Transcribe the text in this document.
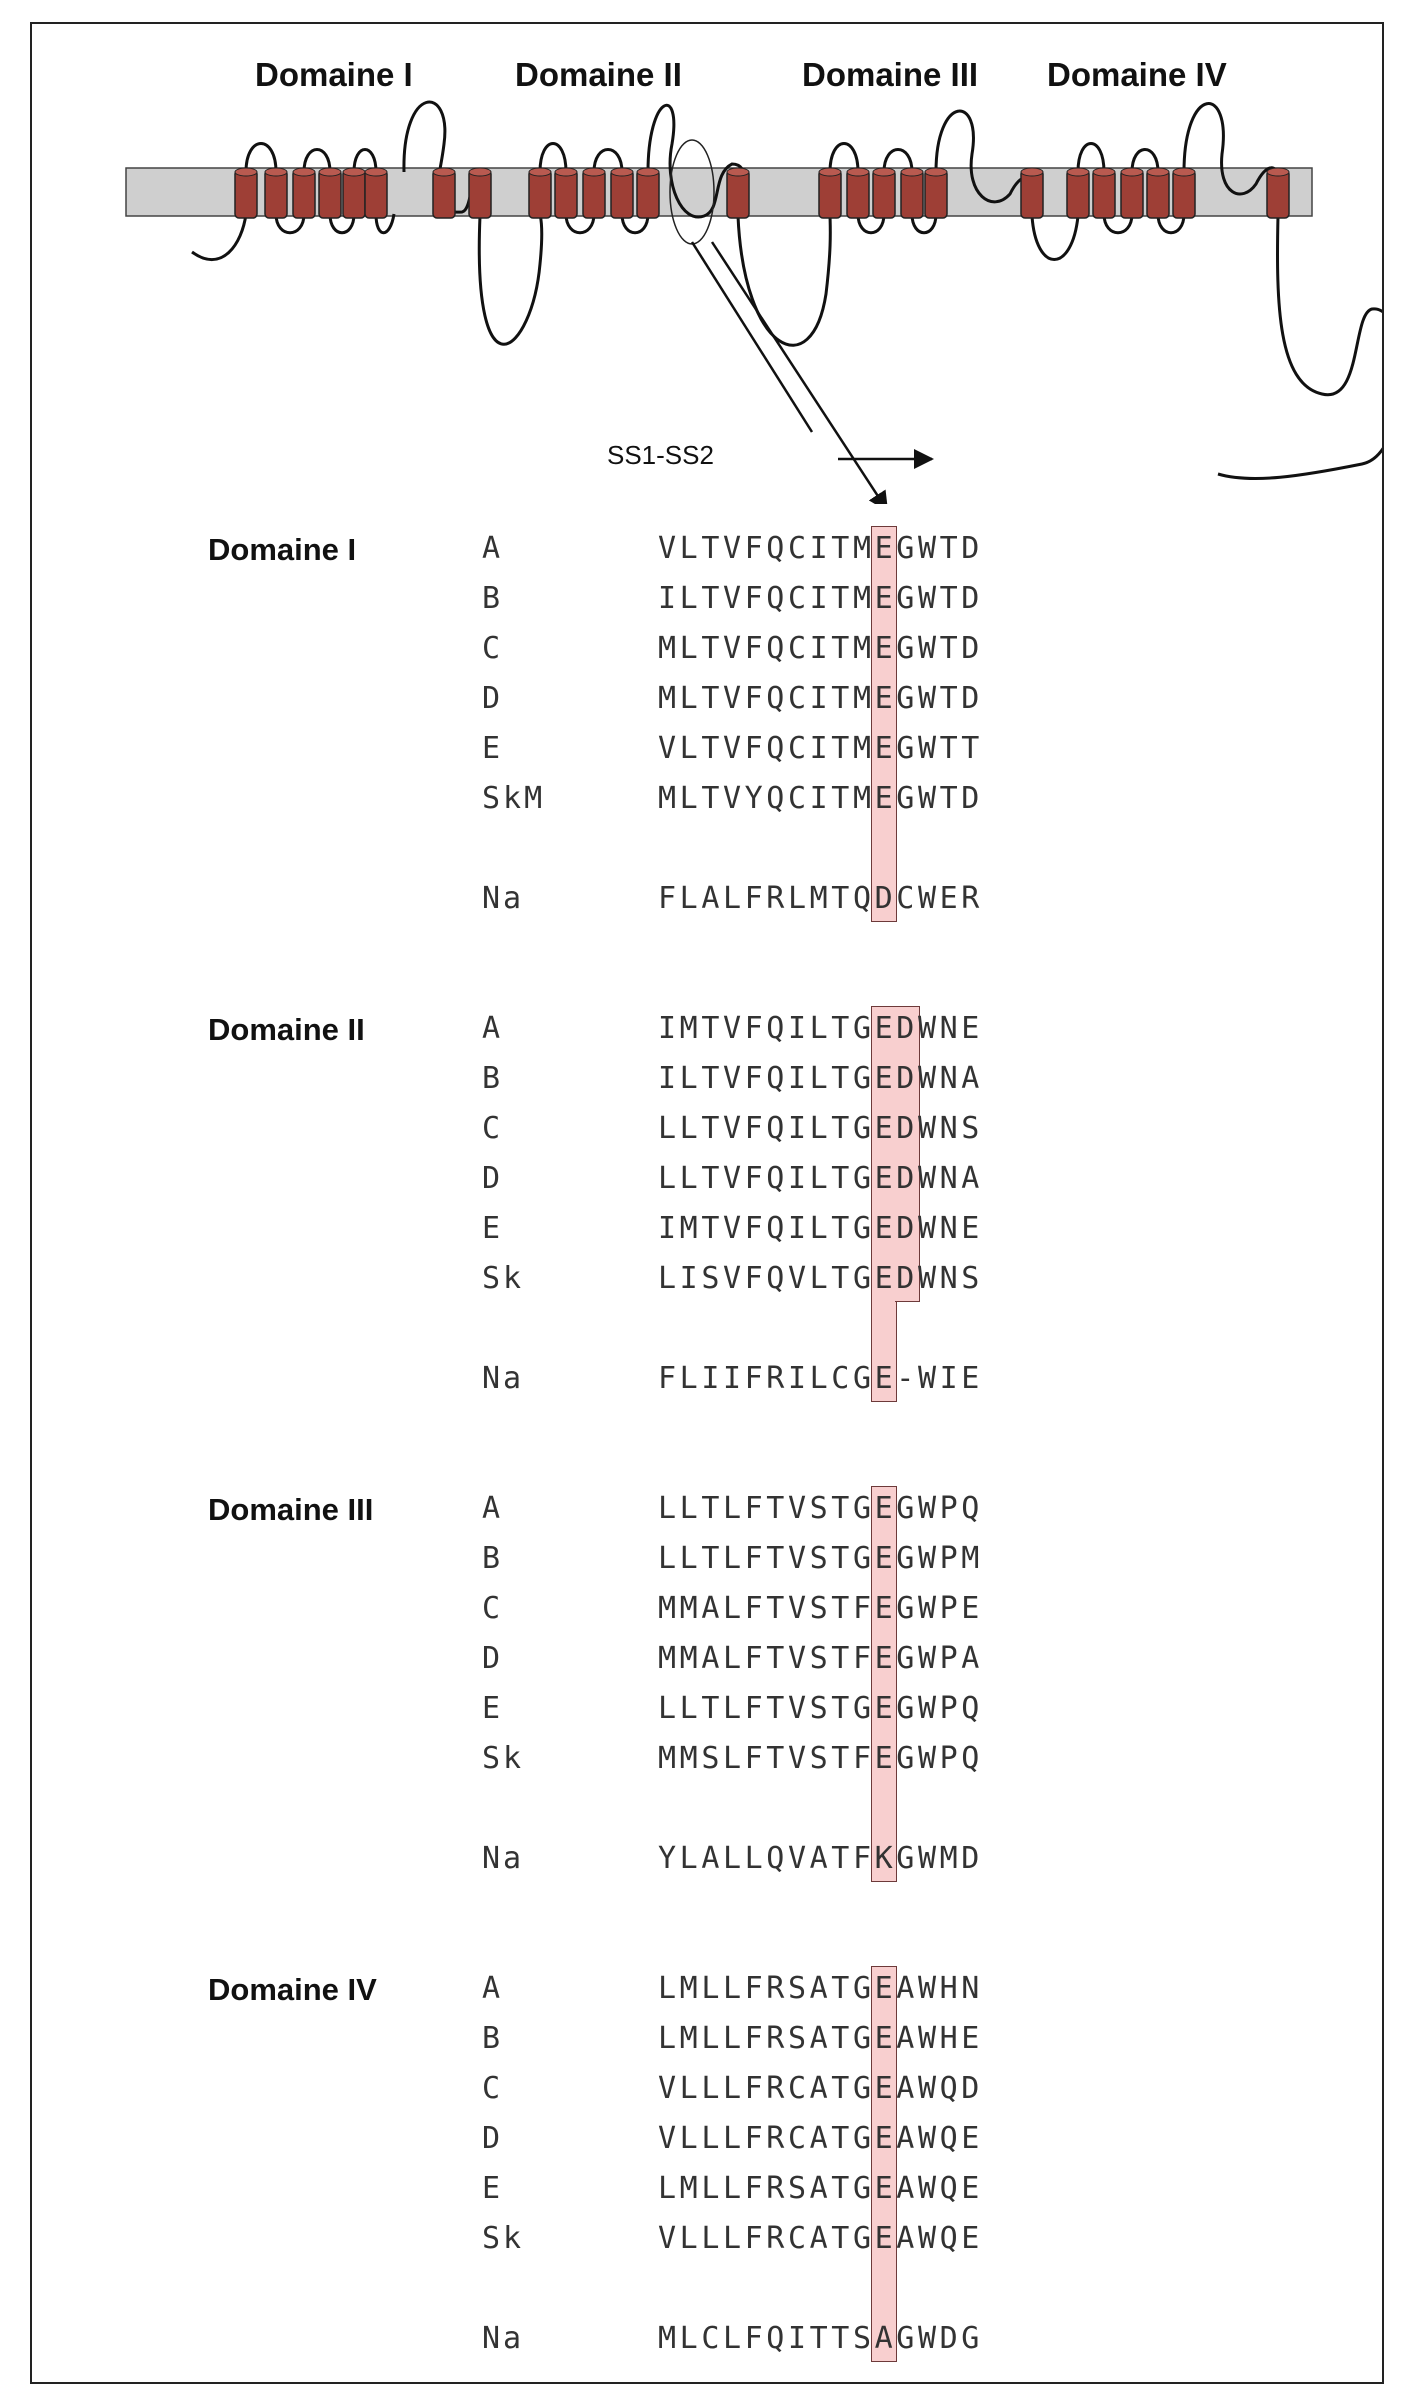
Domaine I	Domaine II	Domaine III Domaine IV
SS1-SS2
Domaine I	A	VLTVFQCITMEGWTD
B	ILTVFQCITMEGWTD
C	MLTVFQCITMEGWTD
D	MLTVFQCITMEGWTD
E	VLTVFQCITMEGWTT
SkM	MLTVYQCITMEGWTD
Na	FLALFRLMTQDCWER
Domaine II	A	IMTVFQILTGEDWNE
B	ILTVFQILTGEDWNA
C	LLTVFQILTGEDWNS
D	LLTVFQILTGEDWNA
E	IMTVFQILTGEDWNE
Sk	LISVFQVLTGEDWNS
Na	FLIIFRILCGE-WIE
Domaine III	A	LLTLFTVSTGEGWPQ
B	LLTLFTVSTGEGWPM
C	MMALFTVSTFEGWPE
D	MMALFTVSTFEGWPA
E	LLTLFTVSTGEGWPQ
Sk	MMSLFTVSTFEGWPQ
Na	YLALLQVATFKGWMD
Domaine IV	A	LMLLFRSATGEAWHN
B	LMLLFRSATGEAWHE
C	VLLLFRCATGEAWQD
D	VLLLFRCATGEAWQE
E	LMLLFRSATGEAWQE
Sk	VLLLFRCATGEAWQE
Na	MLCLFQITTSAGWDG
